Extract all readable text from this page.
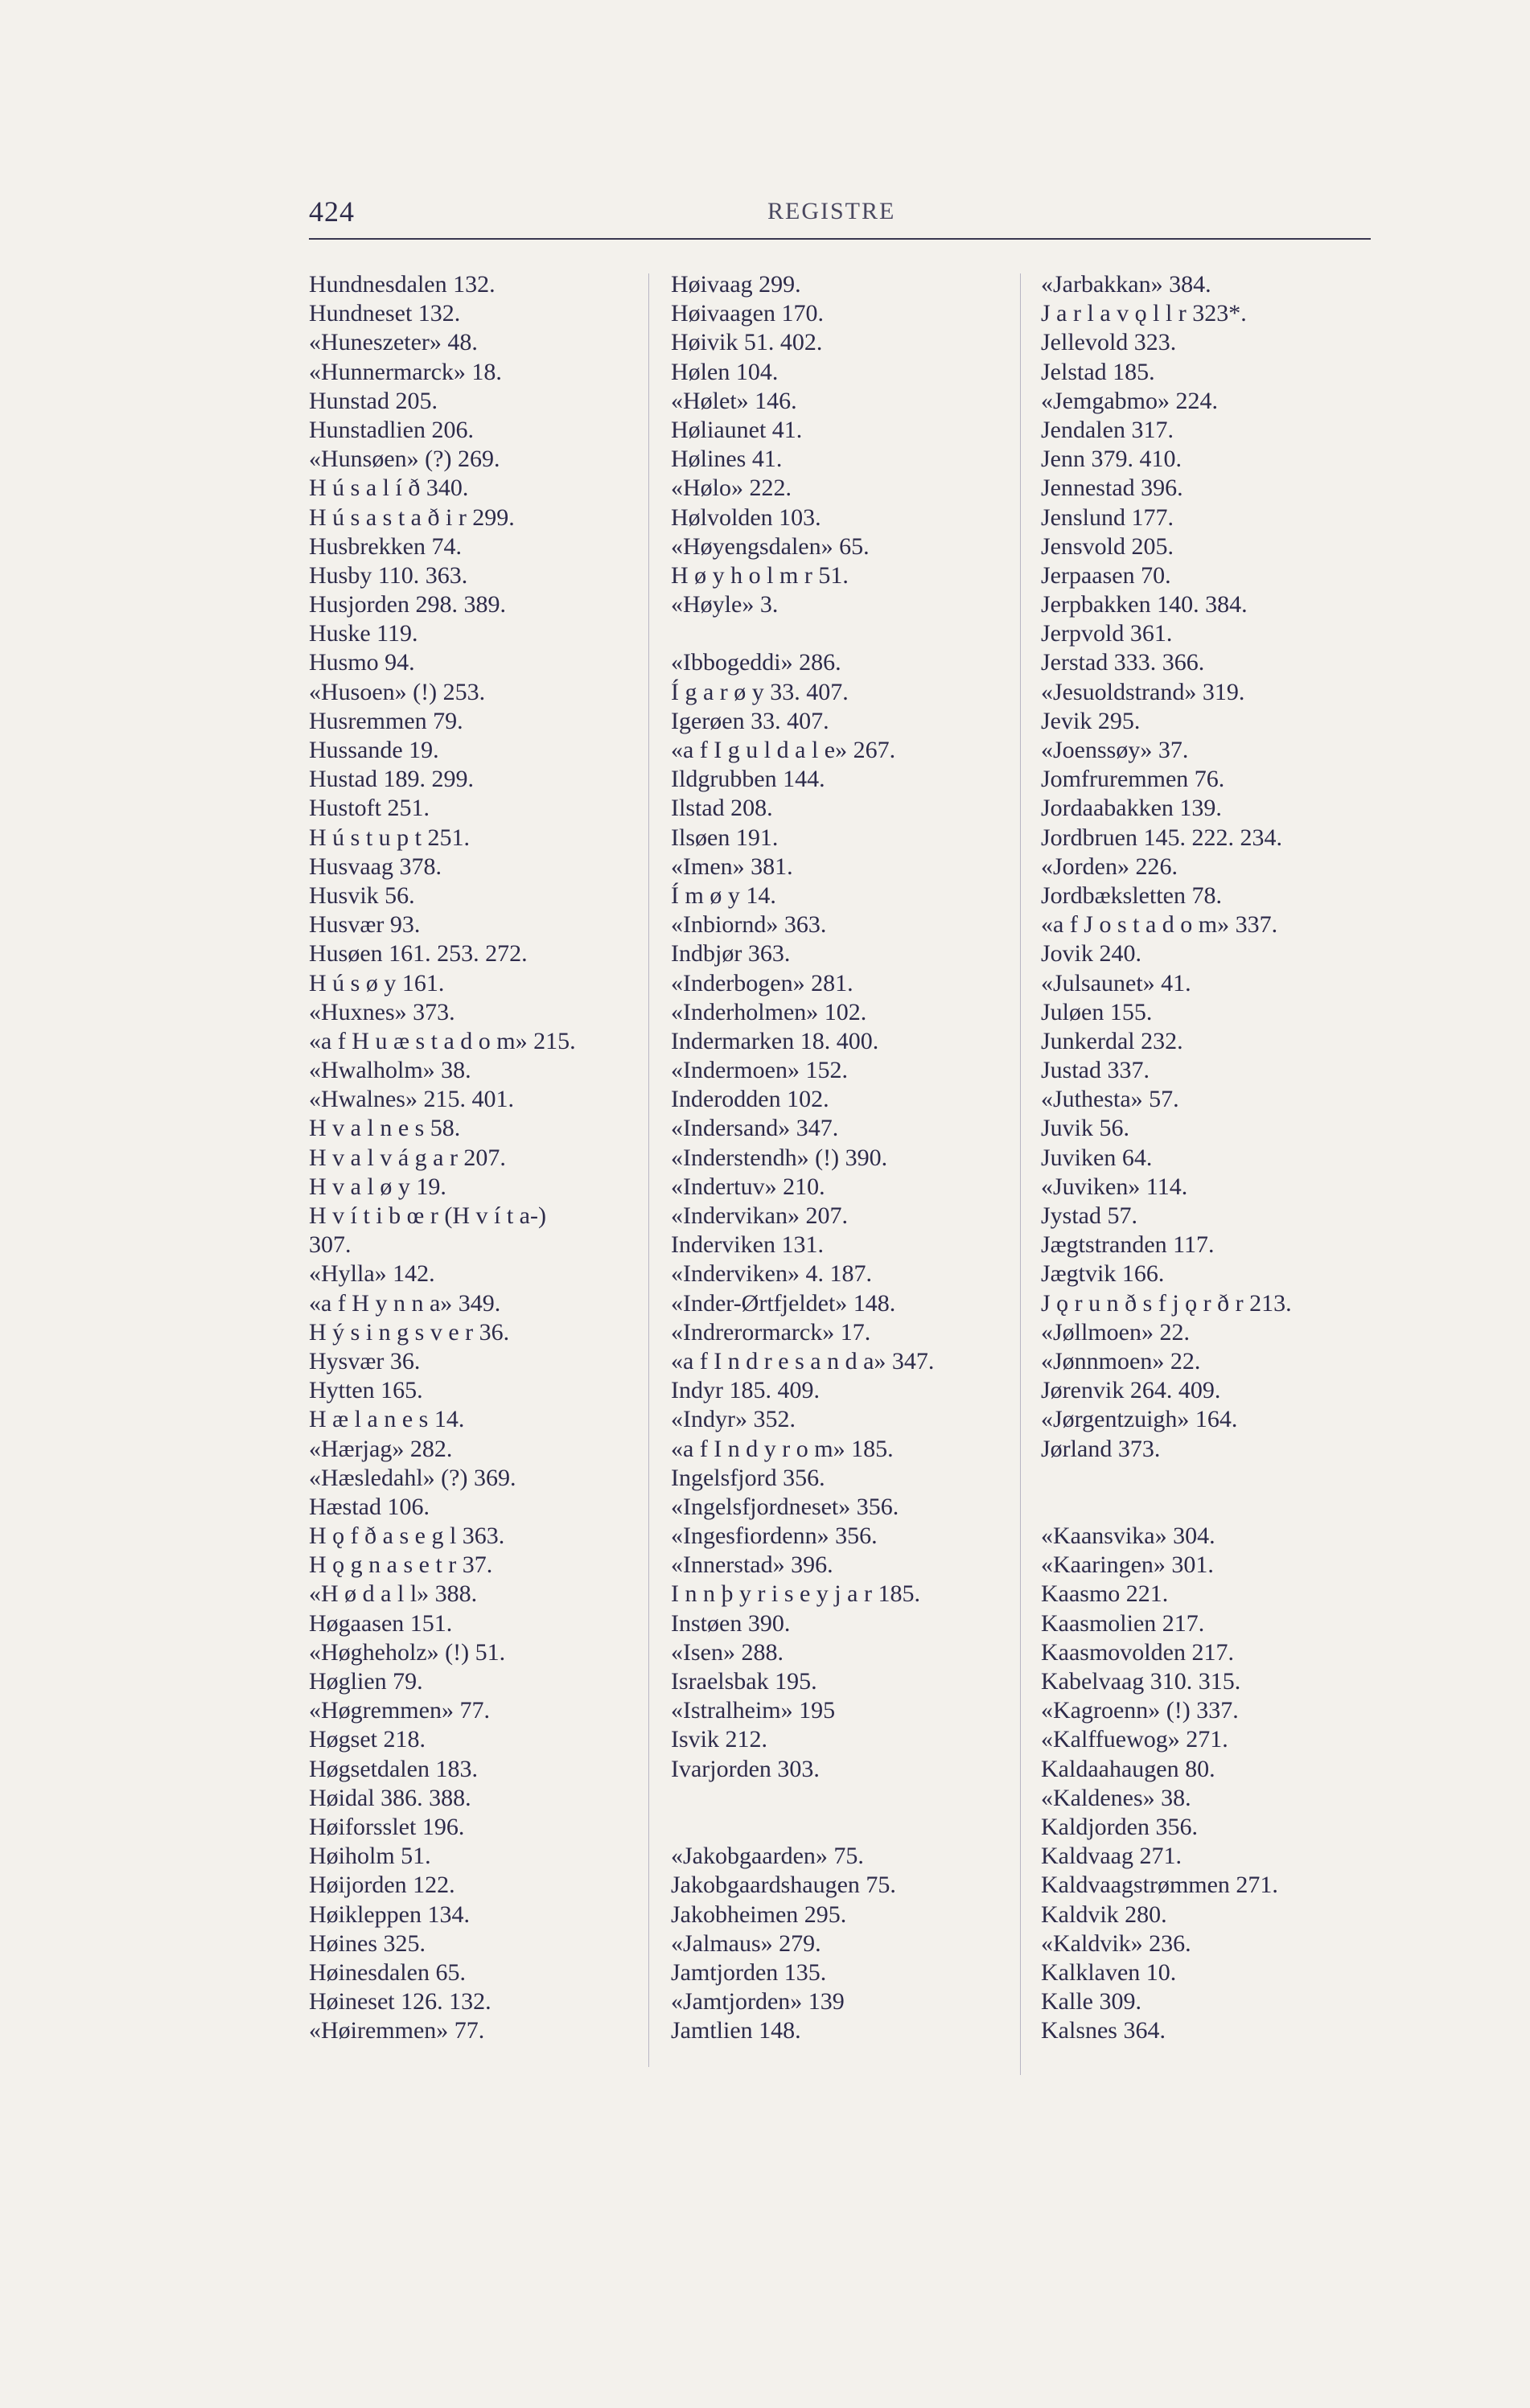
424	REGISTRE
Hundnesdalen 132.
Hundneset 132.
«Huneszeter» 48.
«Hunnermarck» 18.
Hunstad 205.
Hunstadlien 206.
«Hunsøen» (?) 269.
H ú s a l í ð 340.
H ú s a s t a ð i r 299.
Husbrekken 74.
Husby 110. 363.
Husjorden 298. 389.
Huske 119.
Husmo 94.
«Husoen» (!) 253.
Husremmen 79.
Hussande 19.
Hustad 189. 299.
Hustoft 251.
H ú s t u p t 251.
Husvaag 378.
Husvik 56.
Husvær 93.
Husøen 161. 253. 272.
H ú s ø y 161.
«Huxnes» 373.
«a f H u æ s t a d o m» 215.
«Hwalholm» 38.
«Hwalnes» 215. 401.
H v a l n e s 58.
H v a l v á g a r 207.
H v a l ø y 19.
H v í t i b œ r (H v í t a-)
307.
«Hylla» 142.
«a f H y n n a» 349.
H ý s i n g s v e r 36.
Hysvær 36.
Hytten 165.
H æ l a n e s 14.
«Hærjag» 282.
«Hæsledahl» (?) 369.
Hæstad 106.
H ǫ f ð a s e g l 363.
H ǫ g n a s e t r 37.
«H ø d a l l» 388.
Høgaasen 151.
«Høgheholz» (!) 51.
Høglien 79.
«Høgremmen» 77.
Høgset 218.
Høgsetdalen 183.
Høidal 386. 388.
Høiforsslet 196.
Høiholm 51.
Høijorden 122.
Høikleppen 134.
Høines 325.
Høinesdalen 65.
Høineset 126. 132.
«Høiremmen» 77.
Høivaag 299.
Høivaagen 170.
Høivik 51. 402.
Hølen 104.
«Hølet» 146.
Høliaunet 41.
Hølines 41.
«Hølo» 222.
Hølvolden 103.
«Høyengsdalen» 65.
H ø y h o l m r 51.
«Høyle» 3.
«Ibbogeddi» 286.
Í g a r ø y 33. 407.
Igerøen 33. 407.
«a f I g u l d a l e» 267.
Ildgrubben 144.
Ilstad 208.
Ilsøen 191.
«Imen» 381.
Í m ø y 14.
«Inbiornd» 363.
Indbjør 363.
«Inderbogen» 281.
«Inderholmen» 102.
Indermarken 18. 400.
«Indermoen» 152.
Inderodden 102.
«Indersand» 347.
«Inderstendh» (!) 390.
«Indertuv» 210.
«Indervikan» 207.
Inderviken 131.
«Inderviken» 4. 187.
«Inder-Ørtfjeldet» 148.
«Indrerormarck» 17.
«a f I n d r e s a n d a» 347.
Indyr 185. 409.
«Indyr» 352.
«a f I n d y r o m» 185.
Ingelsfjord 356.
«Ingelsfjordneset» 356.
«Ingesfiordenn» 356.
«Innerstad» 396.
I n n þ y r i s e y j a r 185.
Instøen 390.
«Isen» 288.
Israelsbak 195.
«Istralheim» 195
Isvik 212.
Ivarjorden 303.
«Jakobgaarden» 75.
Jakobgaardshaugen 75.
Jakobheimen 295.
«Jalmaus» 279.
Jamtjorden 135.
«Jamtjorden» 139
Jamtlien 148.
«Jarbakkan» 384.
J a r l a v ǫ l l r 323*.
Jellevold 323.
Jelstad 185.
«Jemgabmo» 224.
Jendalen 317.
Jenn 379. 410.
Jennestad 396.
Jenslund 177.
Jensvold 205.
Jerpaasen 70.
Jerpbakken 140. 384.
Jerpvold 361.
Jerstad 333. 366.
«Jesuoldstrand» 319.
Jevik 295.
«Joenssøy» 37.
Jomfruremmen 76.
Jordaabakken 139.
Jordbruen 145. 222. 234.
«Jorden» 226.
Jordbæksletten 78.
«a f J o s t a d o m» 337.
Jovik 240.
«Julsaunet» 41.
Juløen 155.
Junkerdal 232.
Justad 337.
«Juthesta» 57.
Juvik 56.
Juviken 64.
«Juviken» 114.
Jystad 57.
Jægtstranden 117.
Jægtvik 166.
J ǫ r u n ð s f j ǫ r ð r 213.
«Jøllmoen» 22.
«Jønnmoen» 22.
Jørenvik 264. 409.
«Jørgentzuigh» 164.
Jørland 373.
«Kaansvika» 304.
«Kaaringen» 301.
Kaasmo 221.
Kaasmolien 217.
Kaasmovolden 217.
Kabelvaag 310. 315.
«Kagroenn» (!) 337.
«Kalffuewog» 271.
Kaldaahaugen 80.
«Kaldenes» 38.
Kaldjorden 356.
Kaldvaag 271.
Kaldvaagstrømmen 271.
Kaldvik 280.
«Kaldvik» 236.
Kalklaven 10.
Kalle 309.
Kalsnes 364.
